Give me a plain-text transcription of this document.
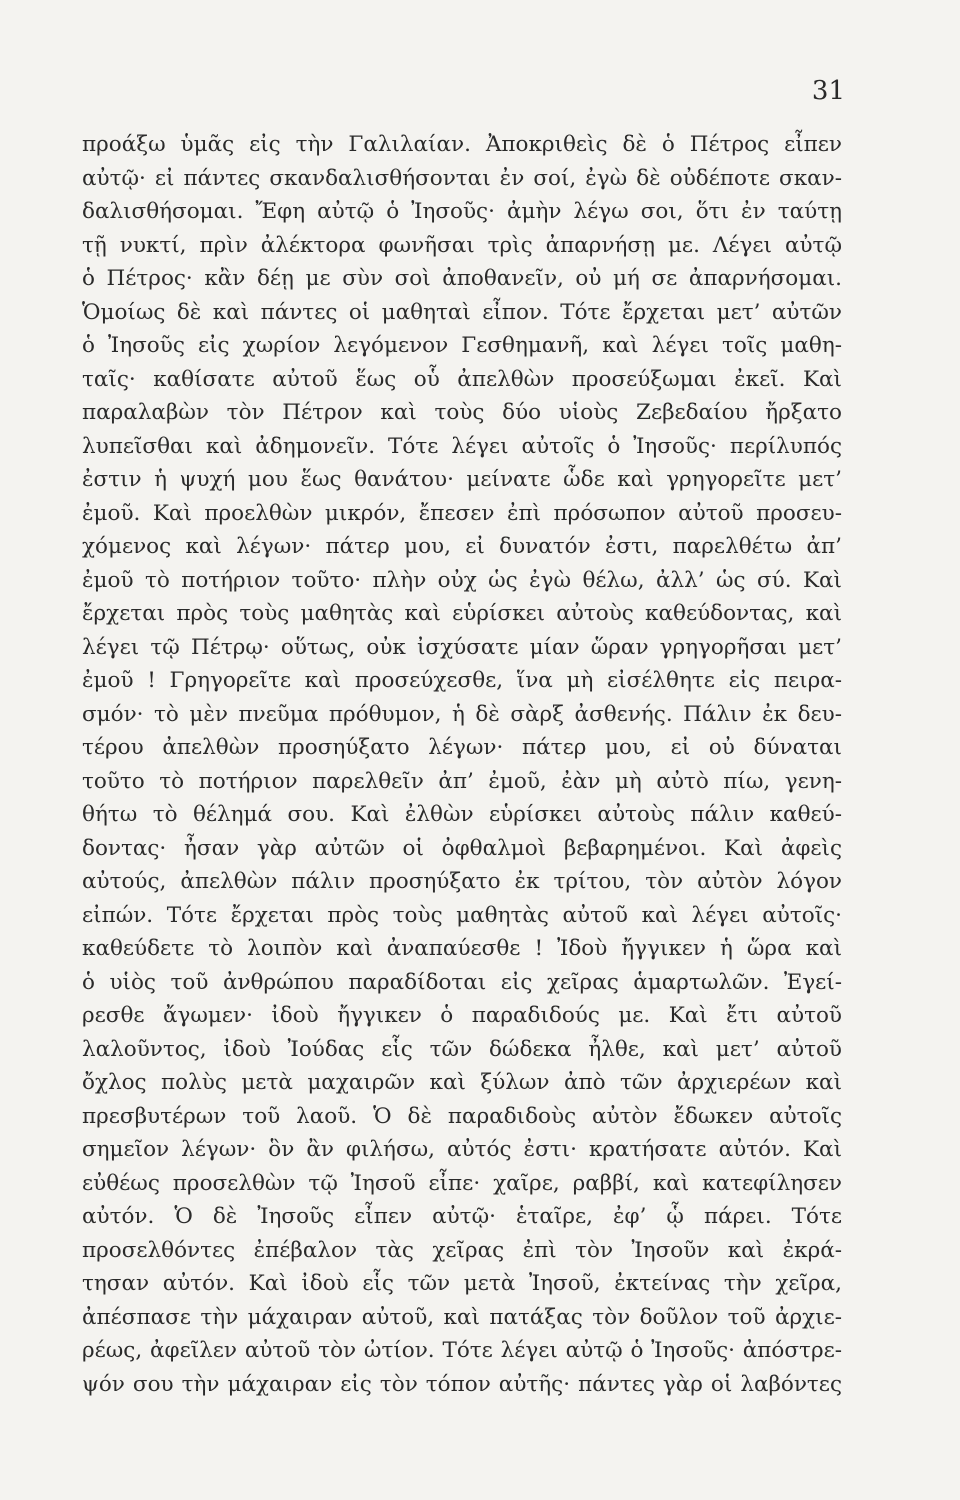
31
προάξω ὑμᾶς εἰς τὴν Γαλιλαίαν. Ἀποκριθεὶς δὲ ὁ Πέτρος εἶπεν
αὐτῷ· εἰ πάντες σκανδαλισθήσονται ἐν σοί, ἐγὼ δὲ οὐδέποτε σκαν-
δαλισθήσομαι. Ἔφη αὐτῷ ὁ Ἰησοῦς· ἀμὴν λέγω σοι, ὅτι ἐν ταύτῃ
τῇ νυκτί, πρὶν ἀλέκτορα φωνῆσαι τρὶς ἀπαρνήσῃ με. Λέγει αὐτῷ
ὁ Πέτρος· κἂν δέῃ με σὺν σοὶ ἀποθανεῖν, οὐ μή σε ἀπαρνήσομαι.
Ὁμοίως δὲ καὶ πάντες οἱ μαθηταὶ εἶπον. Τότε ἔρχεται μετ’ αὐτῶν
ὁ Ἰησοῦς εἰς χωρίον λεγόμενον Γεσθημανῆ, καὶ λέγει τοῖς μαθη-
ταῖς· καθίσατε αὐτοῦ ἕως οὗ ἀπελθὼν προσεύξωμαι ἐκεῖ. Καὶ
παραλαβὼν τὸν Πέτρον καὶ τοὺς δύο υἱοὺς Ζεβεδαίου ἤρξατο
λυπεῖσθαι καὶ ἀδημονεῖν. Τότε λέγει αὐτοῖς ὁ Ἰησοῦς· περίλυπός
ἐστιν ἡ ψυχή μου ἕως θανάτου· μείνατε ὧδε καὶ γρηγορεῖτε μετ’
ἐμοῦ. Καὶ προελθὼν μικρόν, ἔπεσεν ἐπὶ πρόσωπον αὐτοῦ προσευ-
χόμενος καὶ λέγων· πάτερ μου, εἰ δυνατόν ἐστι, παρελθέτω ἀπ’
ἐμοῦ τὸ ποτήριον τοῦτο· πλὴν οὐχ ὡς ἐγὼ θέλω, ἀλλ’ ὡς σύ. Καὶ
ἔρχεται πρὸς τοὺς μαθητὰς καὶ εὑρίσκει αὐτοὺς καθεύδοντας, καὶ
λέγει τῷ Πέτρῳ· οὕτως, οὐκ ἰσχύσατε μίαν ὥραν γρηγορῆσαι μετ’
ἐμοῦ ! Γρηγορεῖτε καὶ προσεύχεσθε, ἵνα μὴ εἰσέλθητε εἰς πειρα-
σμόν· τὸ μὲν πνεῦμα πρόθυμον, ἡ δὲ σὰρξ ἀσθενής. Πάλιν ἐκ δευ-
τέρου ἀπελθὼν προσηύξατο λέγων· πάτερ μου, εἰ οὐ δύναται
τοῦτο τὸ ποτήριον παρελθεῖν ἀπ’ ἐμοῦ, ἐὰν μὴ αὐτὸ πίω, γενη-
θήτω τὸ θέλημά σου. Καὶ ἐλθὼν εὑρίσκει αὐτοὺς πάλιν καθεύ-
δοντας· ἦσαν γὰρ αὐτῶν οἱ ὀφθαλμοὶ βεβαρημένοι. Καὶ ἀφεὶς
αὐτούς, ἀπελθὼν πάλιν προσηύξατο ἐκ τρίτου, τὸν αὐτὸν λόγον
εἰπών. Τότε ἔρχεται πρὸς τοὺς μαθητὰς αὐτοῦ καὶ λέγει αὐτοῖς·
καθεύδετε τὸ λοιπὸν καὶ ἀναπαύεσθε ! Ἰδοὺ ἤγγικεν ἡ ὥρα καὶ
ὁ υἱὸς τοῦ ἀνθρώπου παραδίδοται εἰς χεῖρας ἁμαρτωλῶν. Ἐγεί-
ρεσθε ἄγωμεν· ἰδοὺ ἤγγικεν ὁ παραδιδούς με. Καὶ ἔτι αὐτοῦ
λαλοῦντος, ἰδοὺ Ἰούδας εἷς τῶν δώδεκα ἦλθε, καὶ μετ’ αὐτοῦ
ὄχλος πολὺς μετὰ μαχαιρῶν καὶ ξύλων ἀπὸ τῶν ἀρχιερέων καὶ
πρεσβυτέρων τοῦ λαοῦ. Ὁ δὲ παραδιδοὺς αὐτὸν ἔδωκεν αὐτοῖς
σημεῖον λέγων· ὃν ἂν φιλήσω, αὐτός ἐστι· κρατήσατε αὐτόν. Καὶ
εὐθέως προσελθὼν τῷ Ἰησοῦ εἶπε· χαῖρε, ραββί, καὶ κατεφίλησεν
αὐτόν. Ὁ δὲ Ἰησοῦς εἶπεν αὐτῷ· ἑταῖρε, ἐφ’ ᾧ πάρει. Τότε
προσελθόντες ἐπέβαλον τὰς χεῖρας ἐπὶ τὸν Ἰησοῦν καὶ ἐκρά-
τησαν αὐτόν. Καὶ ἰδοὺ εἷς τῶν μετὰ Ἰησοῦ, ἐκτείνας τὴν χεῖρα,
ἀπέσπασε τὴν μάχαιραν αὐτοῦ, καὶ πατάξας τὸν δοῦλον τοῦ ἀρχιε-
ρέως, ἀφεῖλεν αὐτοῦ τὸν ὠτίον. Τότε λέγει αὐτῷ ὁ Ἰησοῦς· ἀπόστρε-
ψόν σου τὴν μάχαιραν εἰς τὸν τόπον αὐτῆς· πάντες γὰρ οἱ λαβόντες
